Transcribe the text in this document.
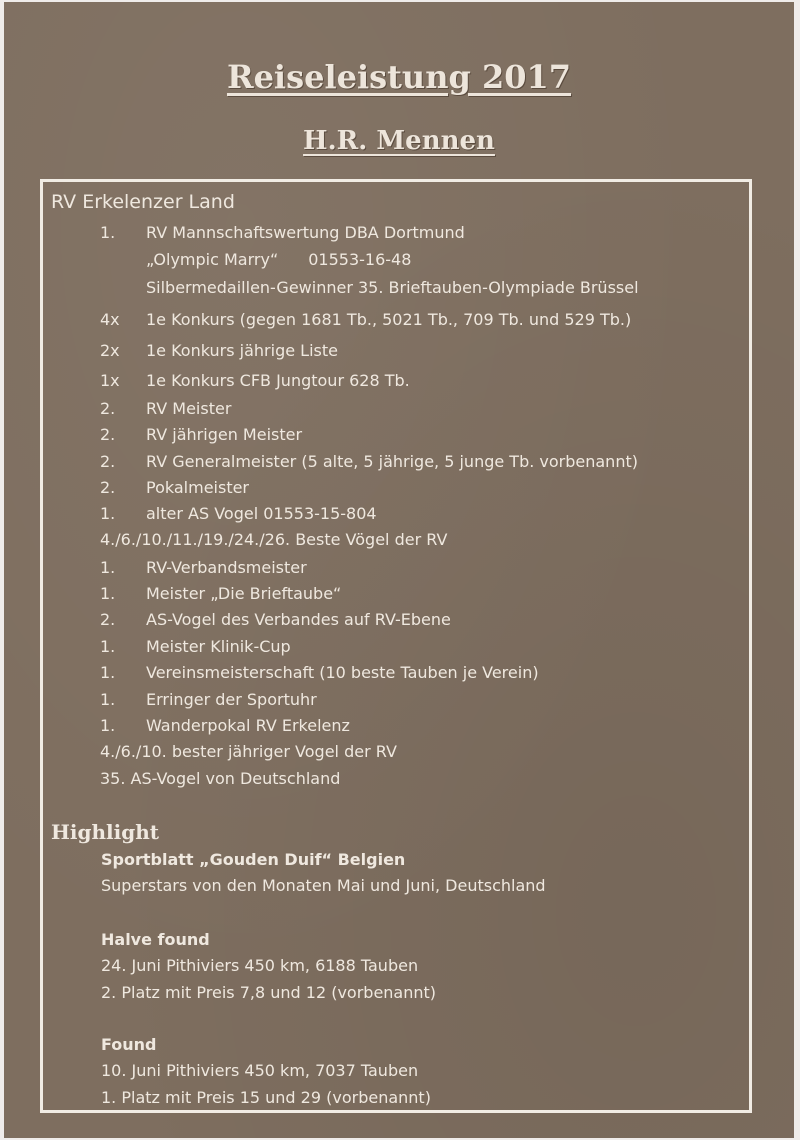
Reiseleistung 2017
H.R. Mennen
RV Erkelenzer Land
1. RV Mannschaftswertung DBA Dortmund
„Olympic Marry“ 01553-16-48
Silbermedaillen-Gewinner 35. Brieftauben-Olympiade Brüssel
4x 1e Konkurs (gegen 1681 Tb., 5021 Tb., 709 Tb. und 529 Tb.)
2x 1e Konkurs jährige Liste
1x 1e Konkurs CFB Jungtour 628 Tb.
2. RV Meister
2. RV jährigen Meister
2. RV Generalmeister (5 alte, 5 jährige, 5 junge Tb. vorbenannt)
2. Pokalmeister
1. alter AS Vogel 01553-15-804
4./6./10./11./19./24./26. Beste Vögel der RV
1. RV-Verbandsmeister
1. Meister „Die Brieftaube“
2. AS-Vogel des Verbandes auf RV-Ebene
1. Meister Klinik-Cup
1. Vereinsmeisterschaft (10 beste Tauben je Verein)
1. Erringer der Sportuhr
1. Wanderpokal RV Erkelenz
4./6./10. bester jähriger Vogel der RV
35. AS-Vogel von Deutschland
Highlight
Sportblatt „Gouden Duif“ Belgien
Superstars von den Monaten Mai und Juni, Deutschland
Halve found
24. Juni Pithiviers 450 km, 6188 Tauben
2. Platz mit Preis 7,8 und 12 (vorbenannt)
Found
10. Juni Pithiviers 450 km, 7037 Tauben
1. Platz mit Preis 15 und 29 (vorbenannt)
